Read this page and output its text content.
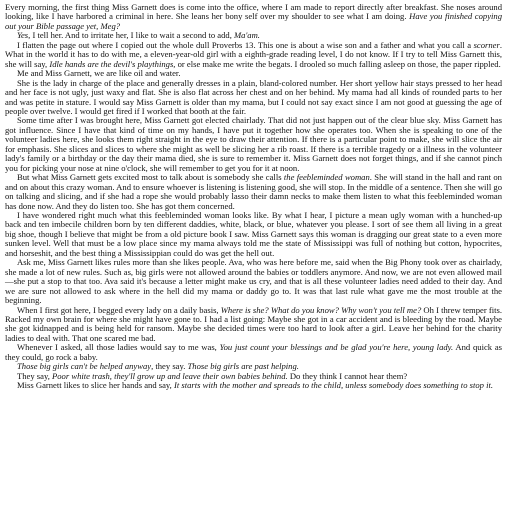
Every morning, the first thing Miss Garnett does is come into the office, where I am made to report directly after breakfast. She noses around looking, like I have harbored a criminal in here. She leans her bony self over my shoulder to see what I am doing. Have you finished copying out your Bible passage yet, Meg?

Yes, I tell her. And to irritate her, I like to wait a second to add, Ma'am.

I flatten the page out where I copied out the whole dull Proverbs 13. This one is about a wise son and a father and what you call a scorner. What in the world it has to do with me, a eleven-year-old girl with a eighth-grade reading level, I do not know. If I try to tell Miss Garnett this, she will say, Idle hands are the devil's playthings, or else make me write the begats. I drooled so much falling asleep on those, the paper rippled.

Me and Miss Garnett, we are like oil and water.

She is the lady in charge of the place and generally dresses in a plain, bland-colored number. Her short yellow hair stays pressed to her head and her face is not ugly, just waxy and flat. She is also flat across her chest and on her behind. My mama had all kinds of rounded parts to her and was petite in stature. I would say Miss Garnett is older than my mama, but I could not say exact since I am not good at guessing the age of people over twelve. I would get fired if I worked that booth at the fair.

Some time after I was brought here, Miss Garnett got elected chairlady. That did not just happen out of the clear blue sky. Miss Garnett has got influence. Since I have that kind of time on my hands, I have put it together how she operates too. When she is speaking to one of the volunteer ladies here, she looks them right straight in the eye to draw their attention. If there is a particular point to make, she will slice the air for emphasis. She slices and slices to where she might as well be slicing her a rib roast. If there is a terrible tragedy or a illness in the volunteer lady's family or a birthday or the day their mama died, she is sure to remember it. Miss Garnett does not forget things, and if she cannot pinch you for picking your nose at nine o'clock, she will remember to get you for it at noon.

But what Miss Garnett gets excited most to talk about is somebody she calls the feebleminded woman. She will stand in the hall and rant on and on about this crazy woman. And to ensure whoever is listening is listening good, she will stop. In the middle of a sentence. Then she will go on talking and slicing, and if she had a rope she would probably lasso their damn necks to make them listen to what this feebleminded woman has done now. And they do listen too. She has got them concerned.

I have wondered right much what this feebleminded woman looks like. By what I hear, I picture a mean ugly woman with a hunched-up back and ten imbecile children born by ten different daddies, white, black, or blue, whatever you please. I sort of see them all living in a great big shoe, though I believe that might be from a old picture book I saw. Miss Garnett says this woman is dragging our great state to a even more sunken level. Well that must be a low place since my mama always told me the state of Mississippi was full of nothing but cotton, hypocrites, and horseshit, and the best thing a Mississippian could do was get the hell out.

Ask me, Miss Garnett likes rules more than she likes people. Ava, who was here before me, said when the Big Phony took over as chairlady, she made a lot of new rules. Such as, big girls were not allowed around the babies or toddlers anymore. And now, we are not even allowed mail—she put a stop to that too. Ava said it's because a letter might make us cry, and that is all these volunteer ladies need added to their day. And we are sure not allowed to ask where in the hell did my mama or daddy go to. It was that last rule what gave me the most trouble at the beginning.

When I first got here, I begged every lady on a daily basis, Where is she? What do you know? Why won't you tell me? Oh I threw temper fits. Racked my own brain for where she might have gone to. I had a list going: Maybe she got in a car accident and is bleeding by the road. Maybe she got kidnapped and is being held for ransom. Maybe she decided times were too hard to look after a girl. Leave her behind for the charity ladies to deal with. That one scared me bad.

Whenever I asked, all those ladies would say to me was, You just count your blessings and be glad you're here, young lady. And quick as they could, go rock a baby.

Those big girls can't be helped anyway, they say. Those big girls are past helping.

They say, Poor white trash, they'll grow up and leave their own babies behind. Do they think I cannot hear them?

Miss Garnett likes to slice her hands and say, It starts with the mother and spreads to the child, unless somebody does something to stop it.
